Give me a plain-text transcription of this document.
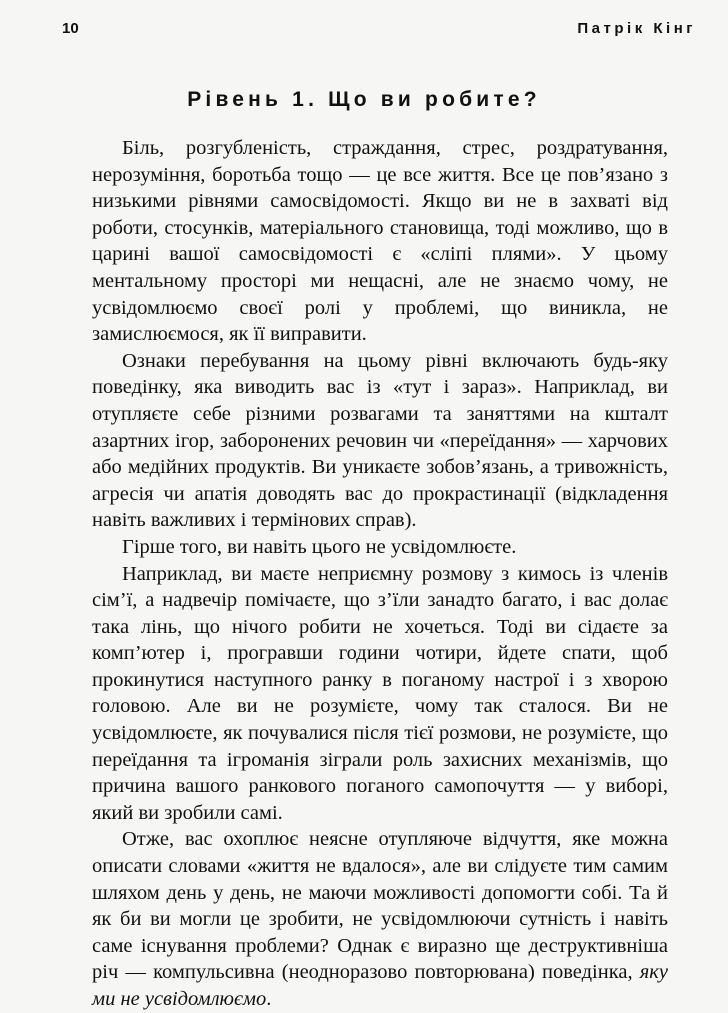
10	Патрік Кінг
Рівень 1. Що ви робите?

Біль, розгубленість, страждання, стрес, роздратування, нерозуміння, боротьба тощо — це все життя. Все це пов’язано з низькими рівнями самосвідомості. Якщо ви не в захваті від роботи, стосунків, матеріального становища, тоді можливо, що в царині вашої самосвідомості є «сліпі плями». У цьому ментальному просторі ми нещасні, але не знаємо чому, не усвідомлюємо своєї ролі у проблемі, що виникла, не замислюємося, як її виправити.

Ознаки перебування на цьому рівні включають будь-яку поведінку, яка виводить вас із «тут і зараз». Наприклад, ви отупляєте себе різними розвагами та заняттями на кшталт азартних ігор, заборонених речовин чи «переїдання» — харчових або медійних продуктів. Ви уникаєте зобов’язань, а тривожність, агресія чи апатія доводять вас до прокрастинації (відкладення навіть важливих і термінових справ).

Гірше того, ви навіть цього не усвідомлюєте.

Наприклад, ви маєте неприємну розмову з кимось із членів сім’ї, а надвечір помічаєте, що з’їли занадто багато, і вас долає така лінь, що нічого робити не хочеться. Тоді ви сідаєте за комп’ютер і, програвши години чотири, йдете спати, щоб прокинутися наступного ранку в поганому настрої і з хворою головою. Але ви не розумієте, чому так сталося. Ви не усвідомлюєте, як почувалися після тієї розмови, не розумієте, що переїдання та ігроманія зіграли роль захисних механізмів, що причина вашого ранкового поганого самопочуття — у виборі, який ви зробили самі.

Отже, вас охоплює неясне отупляюче відчуття, яке можна описати словами «життя не вдалося», але ви слідуєте тим самим шляхом день у день, не маючи можливості допомогти собі. Та й як би ви могли це зробити, не усвідомлюючи сутність і навіть саме існування проблеми? Однак є виразно ще деструктивніша річ — компульсивна (неодноразово повторювана) поведінка, яку ми не усвідомлюємо.
